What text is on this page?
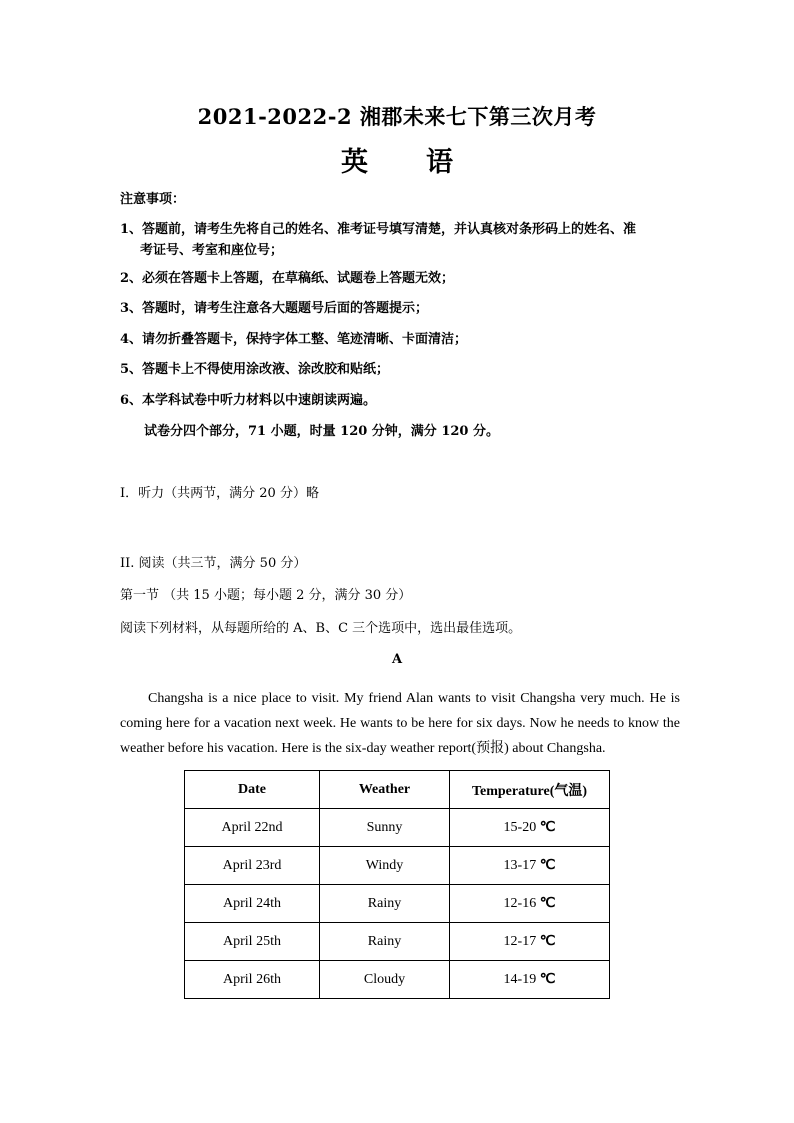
2021-2022-2 湘郡未来七下第三次月考
英 语
注意事项：
1、答题前，请考生先将自己的姓名、准考证号填写清楚，并认真核对条形码上的姓名、准
考证号、考室和座位号；
2、必须在答题卡上答题，在草稿纸、试题卷上答题无效；
3、答题时，请考生注意各大题题号后面的答题提示；
4、请勿折叠答题卡，保持字体工整、笔迹清晰、卡面清洁；
5、答题卡上不得使用涂改液、涂改胶和贴纸；
6、本学科试卷中听力材料以中速朗读两遍。
试卷分四个部分，71 小题，时量 120 分钟，满分 120 分。
I．听力（共两节，满分 20 分）略
II. 阅读（共三节，满分 50 分）
第一节 （共 15 小题；每小题 2 分，满分 30 分）
阅读下列材料，从每题所给的 A、B、C 三个选项中，选出最佳选项。
A
Changsha is a nice place to visit. My friend Alan wants to visit Changsha very much. He is coming here for a vacation next week. He wants to be here for six days. Now he needs to know the weather before his vacation. Here is the six-day weather report(预报) about Changsha.
Date	Weather	Temperature(气温)
April 22nd	Sunny	15-20 ℃
April 23rd	Windy	13-17 ℃
April 24th	Rainy	12-16 ℃
April 25th	Rainy	12-17 ℃
April 26th	Cloudy	14-19 ℃
